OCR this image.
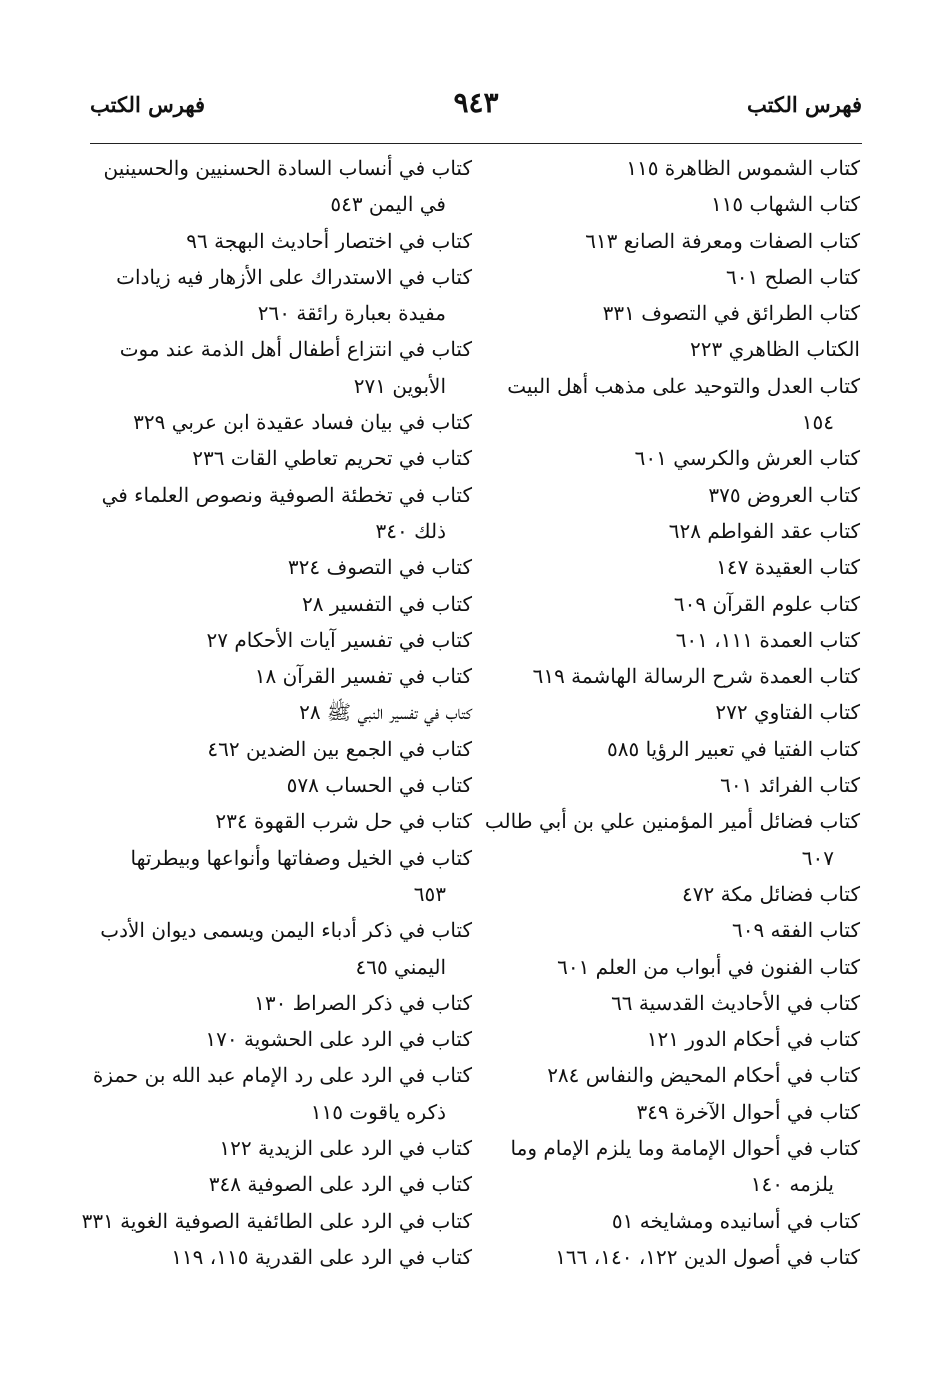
فهرس الكتب
٩٤٣
فهرس الكتب
كتاب الشموس الظاهرة ١١٥
كتاب الشهاب ١١٥
كتاب الصفات ومعرفة الصانع ٦١٣
كتاب الصلح ٦٠١
كتاب الطرائق في التصوف ٣٣١
الكتاب الظاهري ٢٢٣
كتاب العدل والتوحيد على مذهب أهل البيت
١٥٤
كتاب العرش والكرسي ٦٠١
كتاب العروض ٣٧٥
كتاب عقد الفواطم ٦٢٨
كتاب العقيدة ١٤٧
كتاب علوم القرآن ٦٠٩
كتاب العمدة ١١١، ٦٠١
كتاب العمدة شرح الرسالة الهاشمة ٦١٩
كتاب الفتاوي ٢٧٢
كتاب الفتيا في تعبير الرؤيا ٥٨٥
كتاب الفرائد ٦٠١
كتاب فضائل أمير المؤمنين علي بن أبي طالب
٦٠٧
كتاب فضائل مكة ٤٧٢
كتاب الفقه ٦٠٩
كتاب الفنون في أبواب من العلم ٦٠١
كتاب في الأحاديث القدسية ٦٦
كتاب في أحكام الدور ١٢١
كتاب في أحكام المحيض والنفاس ٢٨٤
كتاب في أحوال الآخرة ٣٤٩
كتاب في أحوال الإمامة وما يلزم الإمام وما
يلزمه ١٤٠
كتاب في أسانيده ومشايخه ٥١
كتاب في أصول الدين ١٢٢، ١٤٠، ١٦٦
كتاب في أنساب السادة الحسنيين والحسينين
في اليمن ٥٤٣
كتاب في اختصار أحاديث البهجة ٩٦
كتاب في الاستدراك على الأزهار فيه زيادات
مفيدة بعبارة رائقة ٢٦٠
كتاب في انتزاع أطفال أهل الذمة عند موت
الأبوين ٢٧١
كتاب في بيان فساد عقيدة ابن عربي ٣٢٩
كتاب في تحريم تعاطي القات ٢٣٦
كتاب في تخطئة الصوفية ونصوص العلماء في
ذلك ٣٤٠
كتاب في التصوف ٣٢٤
كتاب في التفسير ٢٨
كتاب في تفسير آيات الأحكام ٢٧
كتاب في تفسير القرآن ١٨
كتاب في تفسير النبي ﷺ ٢٨
كتاب في الجمع بين الضدين ٤٦٢
كتاب في الحساب ٥٧٨
كتاب في حل شرب القهوة ٢٣٤
كتاب في الخيل وصفاتها وأنواعها وبيطرتها
٦٥٣
كتاب في ذكر أدباء اليمن ويسمى ديوان الأدب
اليمني ٤٦٥
كتاب في ذكر الصراط ١٣٠
كتاب في الرد على الحشوية ١٧٠
كتاب في الرد على رد الإمام عبد الله بن حمزة
ذكره ياقوت ١١٥
كتاب في الرد على الزيدية ١٢٢
كتاب في الرد على الصوفية ٣٤٨
كتاب في الرد على الطائفية الصوفية الغوية ٣٣١
كتاب في الرد على القدرية ١١٥، ١١٩
